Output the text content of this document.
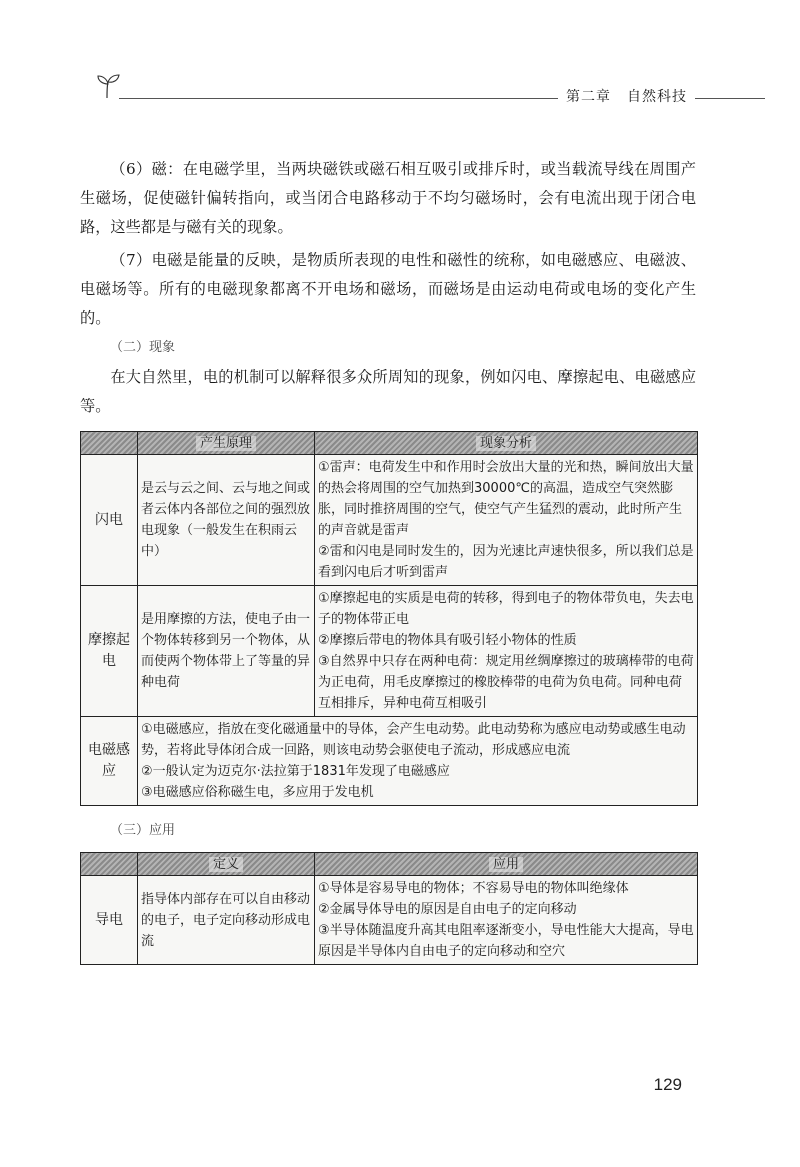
第二章 自然科技

（6）磁：在电磁学里，当两块磁铁或磁石相互吸引或排斥时，或当载流导线在周围产生磁场，促使磁针偏转指向，或当闭合电路移动于不均匀磁场时，会有电流出现于闭合电路，这些都是与磁有关的现象。

（7）电磁是能量的反映，是物质所表现的电性和磁性的统称，如电磁感应、电磁波、电磁场等。所有的电磁现象都离不开电场和磁场，而磁场是由运动电荷或电场的变化产生的。

（二）现象

在大自然里，电的机制可以解释很多众所周知的现象，例如闪电、摩擦起电、电磁感应等。

	产生原理	现象分析
闪电	是云与云之间、云与地之间或者云体内各部位之间的强烈放电现象（一般发生在积雨云中）	①雷声：电荷发生中和作用时会放出大量的光和热，瞬间放出大量的热会将周围的空气加热到30000℃的高温，造成空气突然膨胀，同时推挤周围的空气，使空气产生猛烈的震动，此时所产生的声音就是雷声
②雷和闪电是同时发生的，因为光速比声速快很多，所以我们总是看到闪电后才听到雷声

摩擦起电	是用摩擦的方法，使电子由一个物体转移到另一个物体，从而使两个物体带上了等量的异种电荷	①摩擦起电的实质是电荷的转移，得到电子的物体带负电，失去电子的物体带正电
②摩擦后带电的物体具有吸引轻小物体的性质
③自然界中只存在两种电荷：规定用丝绸摩擦过的玻璃棒带的电荷为正电荷，用毛皮摩擦过的橡胶棒带的电荷为负电荷。同种电荷互相排斥，异种电荷互相吸引

电磁感应	①电磁感应，指放在变化磁通量中的导体，会产生电动势。此电动势称为感应电动势或感生电动势，若将此导体闭合成一回路，则该电动势会驱使电子流动，形成感应电流
②一般认定为迈克尔·法拉第于1831年发现了电磁感应
③电磁感应俗称磁生电，多应用于发电机	
（三）应用
	定义	应用
导电	指导体内部存在可以自由移动的电子，电子定向移动形成电流	①导体是容易导电的物体；不容易导电的物体叫绝缘体
②金属导体导电的原因是自由电子的定向移动
③半导体随温度升高其电阻率逐渐变小，导电性能大大提高，导电原因是半导体内自由电子的定向移动和空穴
129
